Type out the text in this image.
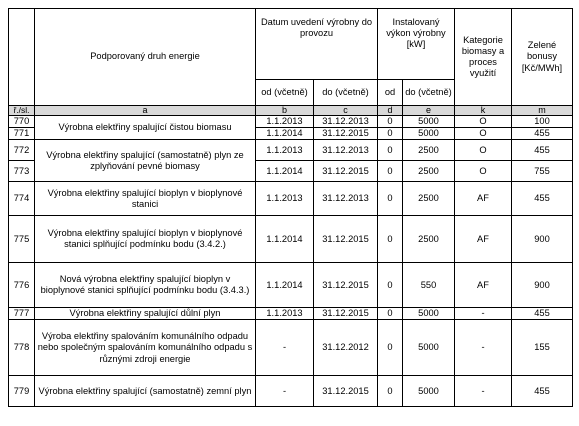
	Podporovaný druh energie	Datum uvedení výrobny do provozu		Instalovaný výkon výrobny [kW]		Kategorie biomasy a proces využití	Zelené bonusy [Kč/MWh]
		od (včetně)	do (včetně)	od	do (včetně)		
ř./sl.	a	b	c	d	e	k	m
770	Výrobna elektřiny spalující čistou biomasu	1.1.2013	31.12.2013	0	5000	O	100
771		1.1.2014	31.12.2015	0	5000	O	455
772	Výrobna elektřiny spalující (samostatně) plyn ze zplyňování pevné biomasy	1.1.2013	31.12.2013	0	2500	O	455
773		1.1.2014	31.12.2015	0	2500	O	755
774	Výrobna elektřiny spalující bioplyn v bioplynové stanici	1.1.2013	31.12.2013	0	2500	AF	455
775	Výrobna elektřiny spalující bioplyn v bioplynové stanici splňující podmínku bodu (3.4.2.)	1.1.2014	31.12.2015	0	2500	AF	900
776	Nová výrobna elektřiny spalující bioplyn v bioplynové stanici splňující podmínku bodu (3.4.3.)	1.1.2014	31.12.2015	0	550	AF	900
777	Výrobna elektřiny spalující důlní plyn	1.1.2013	31.12.2015	0	5000	-	455
778	Výroba elektřiny spalováním komunálního odpadu nebo společným spalováním komunálního odpadu s různými zdroji energie	-	31.12.2012	0	5000	-	155
779	Výrobna elektřiny spalující (samostatně) zemní plyn	-	31.12.2015	0	5000	-	455
